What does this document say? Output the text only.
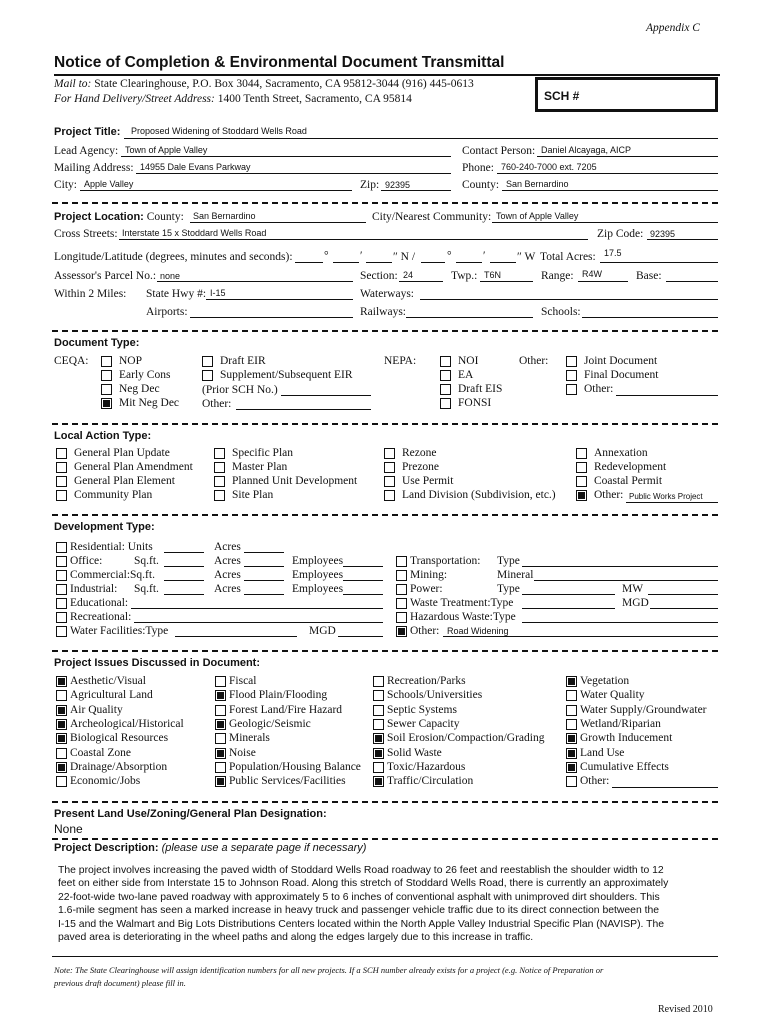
Appendix C
Notice of Completion & Environmental Document Transmittal
Mail to: State Clearinghouse, P.O. Box 3044, Sacramento, CA 95812-3044 (916) 445-0613
For Hand Delivery/Street Address: 1400 Tenth Street, Sacramento, CA 95814	SCH #
Project Title: Proposed Widening of Stoddard Wells Road
Lead Agency: Town of Apple Valley	Contact Person: Daniel Alcayaga, AICP
Mailing Address: 14955 Dale Evans Parkway	Phone: 760-240-7000 ext. 7205
City: Apple Valley	Zip: 92395	County: San Bernardino
Project Location: County: San Bernardino	City/Nearest Community: Town of Apple Valley
Cross Streets: Interstate 15 x Stoddard Wells Road	Zip Code: 92395
Longitude/Latitude (degrees, minutes and seconds):	°	′	″ N /	°	′	″ W Total Acres: 17.5
Assessor's Parcel No.: none	Section: 24	Twp.: T6N	Range: R4W	Base:
Within 2 Miles: State Hwy #: I-15	Waterways:
Airports:	Railways:	Schools:
Document Type:
CEQA:	NOP
Early Cons
Neg Dec
Mit Neg Dec
Draft EIR
Supplement/Subsequent EIR
(Prior SCH No.)
Other:
NEPA:	NOI
EA
Draft EIS
FONSI
Other:	Joint Document
Final Document
Other:
Local Action Type:
General Plan Update
General Plan Amendment
General Plan Element
Community Plan
Specific Plan
Master Plan
Planned Unit Development
Site Plan
Rezone
Prezone
Use Permit
Land Division (Subdivision, etc.)
Annexation
Redevelopment
Coastal Permit
Other: Public Works Project
Development Type:
Residential: Units	Acres
Office:	Sq.ft.	Acres	Employees
Commercial:Sq.ft.	Acres	Employees
Industrial: Sq.ft.	Acres	Employees
Educational:
Recreational:
Water Facilities:Type	MGD
Transportation: Type
Mining:	Mineral
Power:	Type	MW
Waste Treatment:Type	MGD
Hazardous Waste:Type
Other: Road Widening
Project Issues Discussed in Document:
Aesthetic/Visual
Agricultural Land
Air Quality
Archeological/Historical
Biological Resources
Coastal Zone
Drainage/Absorption
Economic/Jobs
Fiscal
Flood Plain/Flooding
Forest Land/Fire Hazard
Geologic/Seismic
Minerals
Noise
Population/Housing Balance
Public Services/Facilities
Recreation/Parks
Schools/Universities
Septic Systems
Sewer Capacity
Soil Erosion/Compaction/Grading
Solid Waste
Toxic/Hazardous
Traffic/Circulation
Vegetation
Water Quality
Water Supply/Groundwater
Wetland/Riparian
Growth Inducement
Land Use
Cumulative Effects
Other:
Present Land Use/Zoning/General Plan Designation:
None
Project Description: (please use a separate page if necessary)
The project involves increasing the paved width of Stoddard Wells Road roadway to 26 feet and reestablish the shoulder width to 12
feet on either side from Interstate 15 to Johnson Road. Along this stretch of Stoddard Wells Road, there is currently an approximately
22-foot-wide two-lane paved roadway with approximately 5 to 6 inches of conventional asphalt with unimproved dirt shoulders. This
1.6-mile segment has seen a marked increase in heavy truck and passenger vehicle traffic due to its direct connection between the
I-15 and the Walmart and Big Lots Distributions Centers located within the North Apple Valley Industrial Specific Plan (NAVISP). The
paved area is deteriorating in the wheel paths and along the edges largely due to this increase in traffic.
Note: The State Clearinghouse will assign identification numbers for all new projects. If a SCH number already exists for a project (e.g. Notice of Preparation or
previous draft document) please fill in.
Revised 2010
